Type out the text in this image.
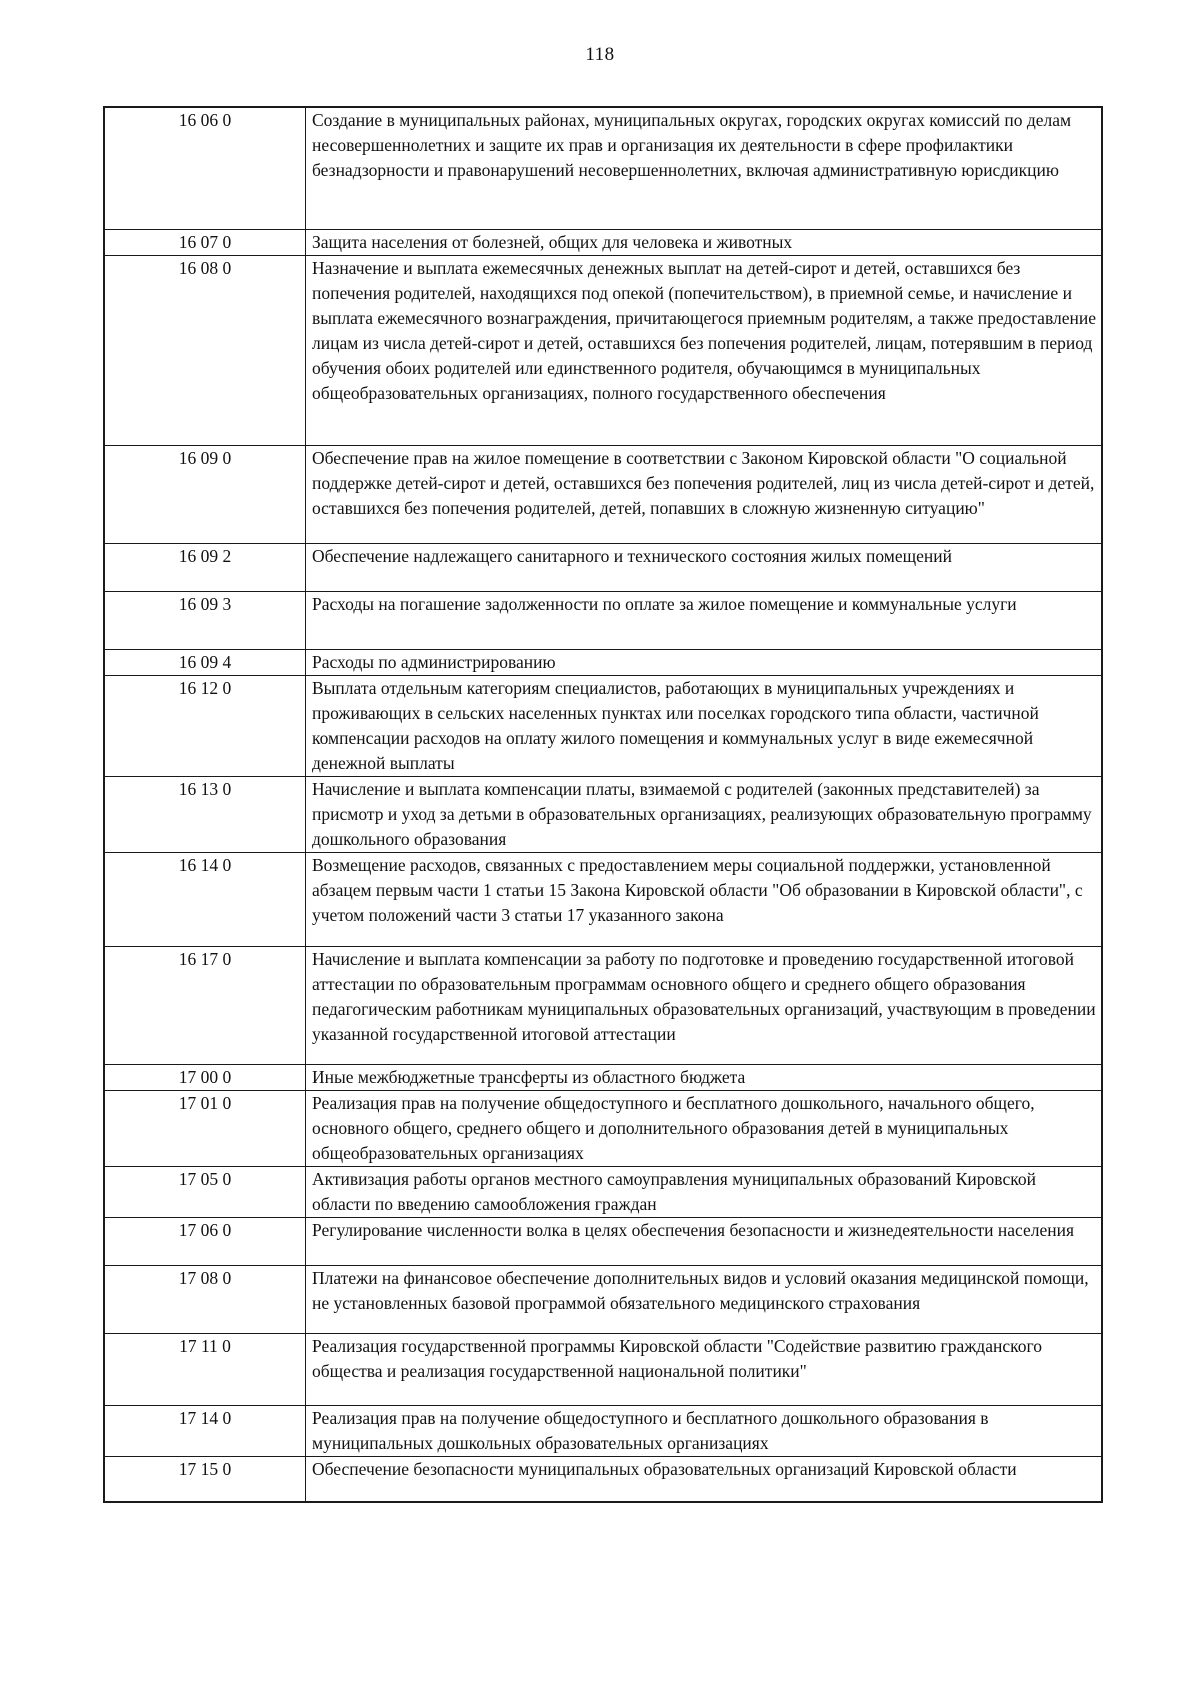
118
16 06 0	Создание в муниципальных районах, муниципальных округах, городских округах комиссий по делам несовершеннолетних и защите их прав и организация их деятельности в сфере профилактики безнадзорности и правонарушений несовершеннолетних, включая административную юрисдикцию
16 07 0	Защита населения от болезней, общих для человека и животных
16 08 0	Назначение и выплата ежемесячных денежных выплат на детей-сирот и детей, оставшихся без попечения родителей, находящихся под опекой (попечительством), в приемной семье, и начисление и выплата ежемесячного вознаграждения, причитающегося приемным родителям, а также предоставление лицам из числа детей-сирот и детей, оставшихся без попечения родителей, лицам, потерявшим в период обучения обоих родителей или единственного родителя, обучающимся в муниципальных общеобразовательных организациях, полного государственного обеспечения
16 09 0	Обеспечение прав на жилое помещение в соответствии с Законом Кировской области "О социальной поддержке детей-сирот и детей, оставшихся без попечения родителей, лиц из числа детей-сирот и детей, оставшихся без попечения родителей, детей, попавших в сложную жизненную ситуацию"
16 09 2	Обеспечение надлежащего санитарного и технического состояния жилых помещений
16 09 3	Расходы на погашение задолженности по оплате за жилое помещение и коммунальные услуги
16 09 4	Расходы по администрированию
16 12 0	Выплата отдельным категориям специалистов, работающих в муниципальных учреждениях и проживающих в сельских населенных пунктах или поселках городского типа области, частичной компенсации расходов на оплату жилого помещения и коммунальных услуг в виде ежемесячной денежной выплаты
16 13 0	Начисление и выплата компенсации платы, взимаемой с родителей (законных представителей) за присмотр и уход за детьми в образовательных организациях, реализующих образовательную программу дошкольного образования
16 14 0	Возмещение расходов, связанных с предоставлением меры социальной поддержки, установленной абзацем первым части 1 статьи 15 Закона Кировской области "Об образовании в Кировской области", с учетом положений части 3 статьи 17 указанного закона
16 17 0	Начисление и выплата компенсации за работу по подготовке и проведению государственной итоговой аттестации по образовательным программам основного общего и среднего общего образования педагогическим работникам муниципальных образовательных организаций, участвующим в проведении указанной государственной итоговой аттестации
17 00 0	Иные межбюджетные трансферты из областного бюджета
17 01 0	Реализация прав на получение общедоступного и бесплатного дошкольного, начального общего, основного общего, среднего общего и дополнительного образования детей в муниципальных общеобразовательных организациях
17 05 0	Активизация работы органов местного самоуправления муниципальных образований Кировской области по введению самообложения граждан
17 06 0	Регулирование численности волка в целях обеспечения безопасности и жизнедеятельности населения
17 08 0	Платежи на финансовое обеспечение дополнительных видов и условий оказания медицинской помощи, не установленных базовой программой обязательного медицинского страхования
17 11 0	Реализация государственной программы Кировской области "Содействие развитию гражданского общества и реализация государственной национальной политики"
17 14 0	Реализация прав на получение общедоступного и бесплатного дошкольного образования в муниципальных дошкольных образовательных организациях
17 15 0	Обеспечение безопасности муниципальных образовательных организаций Кировской области
